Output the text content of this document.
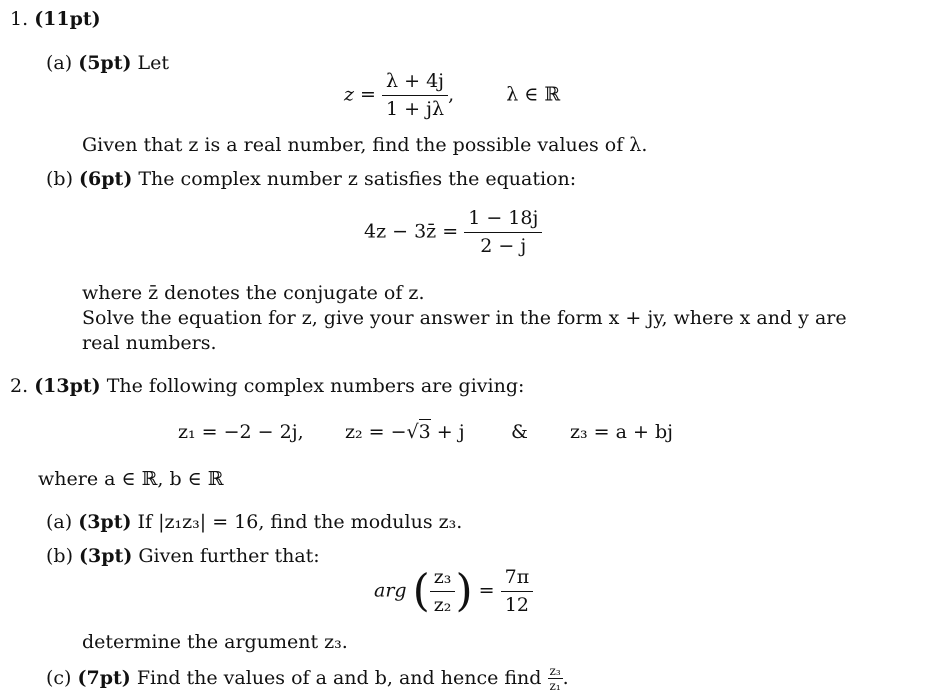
1. (11pt)
(a) (5pt) Let
$z = \frac{\lambda + 4j}{1 + j\lambda}$ ,	λ ∈ ℝ
Given that z is a real number, find the possible values of λ.
(b) (6pt) The complex number z satisfies the equation:
4z − 3z̄ = $\frac{1 - 18j}{2 - j}$
where z̄ denotes the conjugate of z.
Solve the equation for z, give your answer in the form x + jy, where x and y are
real numbers.
2. (13pt) The following complex numbers are giving:
z₁ = −2 − 2j, z₂ = −√3 + j & z₃ = a + bj
where a ∈ ℝ, b ∈ ℝ
(a) (3pt) If |z₁z₃| = 16, find the modulus z₃.
(b) (3pt) Given further that:
arg ( $\frac{\text{z₃}}{\text{z₂}}$ ) = $\frac{7\pi}{12}$
determine the argument z₃.
(c) (7pt) Find the values of a and b, and hence find $\frac{\text{z₃}}{\text{z₁}}$ .
